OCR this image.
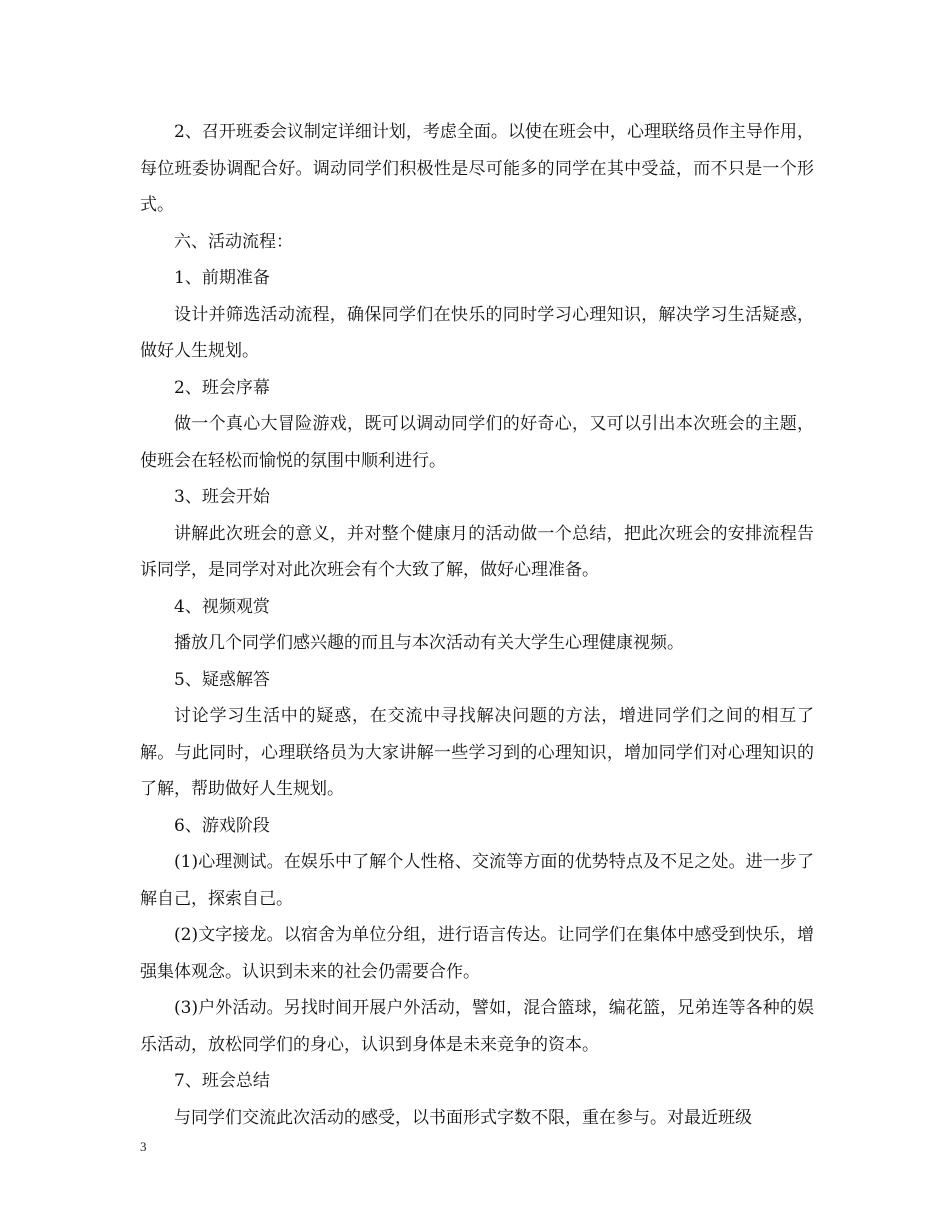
2、召开班委会议制定详细计划，考虑全面。以使在班会中，心理联络员作主导作用，每位班委协调配合好。调动同学们积极性是尽可能多的同学在其中受益，而不只是一个形式。

六、活动流程：

1、前期准备

设计并筛选活动流程，确保同学们在快乐的同时学习心理知识，解决学习生活疑惑，做好人生规划。

2、班会序幕

做一个真心大冒险游戏，既可以调动同学们的好奇心，又可以引出本次班会的主题，使班会在轻松而愉悦的氛围中顺利进行。

3、班会开始

讲解此次班会的意义，并对整个健康月的活动做一个总结，把此次班会的安排流程告诉同学，是同学对对此次班会有个大致了解，做好心理准备。

4、视频观赏

播放几个同学们感兴趣的而且与本次活动有关大学生心理健康视频。

5、疑惑解答

讨论学习生活中的疑惑，在交流中寻找解决问题的方法，增进同学们之间的相互了解。与此同时，心理联络员为大家讲解一些学习到的心理知识，增加同学们对心理知识的了解，帮助做好人生规划。

6、游戏阶段

(1)心理测试。在娱乐中了解个人性格、交流等方面的优势特点及不足之处。进一步了解自己，探索自己。

(2)文字接龙。以宿舍为单位分组，进行语言传达。让同学们在集体中感受到快乐，增强集体观念。认识到未来的社会仍需要合作。

(3)户外活动。另找时间开展户外活动，譬如，混合篮球，编花篮，兄弟连等各种的娱乐活动，放松同学们的身心，认识到身体是未来竞争的资本。

7、班会总结

与同学们交流此次活动的感受，以书面形式字数不限，重在参与。对最近班级

3
